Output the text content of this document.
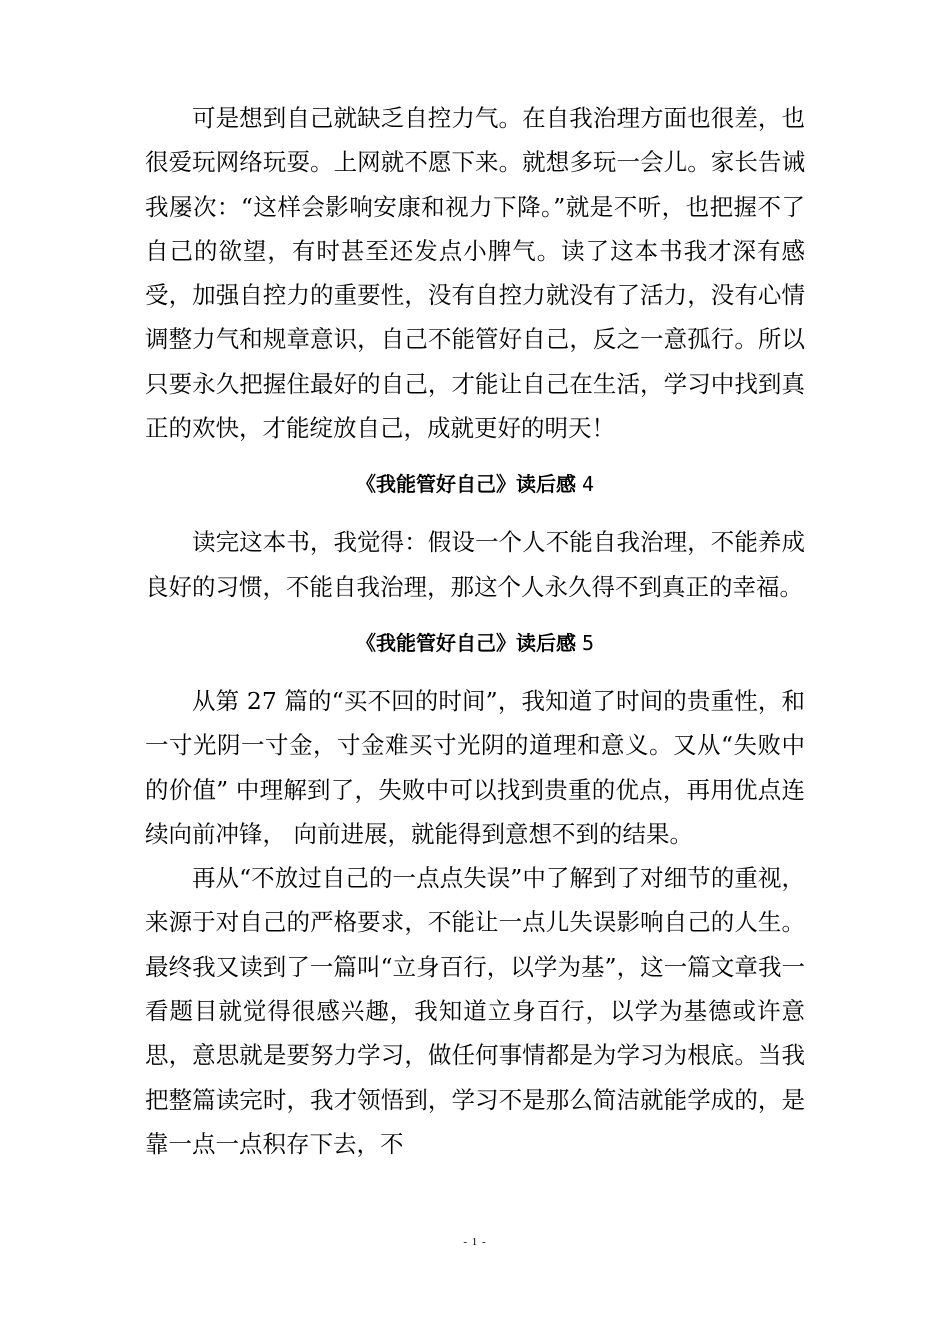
可是想到自己就缺乏自控力气。在自我治理方面也很差，也很爱玩网络玩耍。上网就不愿下来。就想多玩一会儿。家长告诫我屡次：“这样会影响安康和视力下降。”就是不听，也把握不了自己的欲望，有时甚至还发点小脾气。读了这本书我才深有感受，加强自控力的重要性，没有自控力就没有了活力，没有心情调整力气和规章意识，自己不能管好自己，反之一意孤行。所以只要永久把握住最好的自己，才能让自己在生活，学习中找到真正的欢快，才能绽放自己，成就更好的明天！

《我能管好自己》读后感 4

读完这本书，我觉得：假设一个人不能自我治理，不能养成良好的习惯，不能自我治理，那这个人永久得不到真正的幸福。

《我能管好自己》读后感 5

从第 27 篇的“买不回的时间”，我知道了时间的贵重性，和一寸光阴一寸金，寸金难买寸光阴的道理和意义。又从“失败中的价值” 中理解到了，失败中可以找到贵重的优点，再用优点连续向前冲锋， 向前进展，就能得到意想不到的结果。

再从“不放过自己的一点点失误”中了解到了对细节的重视，来源于对自己的严格要求，不能让一点儿失误影响自己的人生。最终我又读到了一篇叫“立身百行，以学为基”，这一篇文章我一看题目就觉得很感兴趣，我知道立身百行，以学为基德或许意思，意思就是要努力学习，做任何事情都是为学习为根底。当我把整篇读完时，我才领悟到，学习不是那么简洁就能学成的，是靠一点一点积存下去，不

- 1 -
